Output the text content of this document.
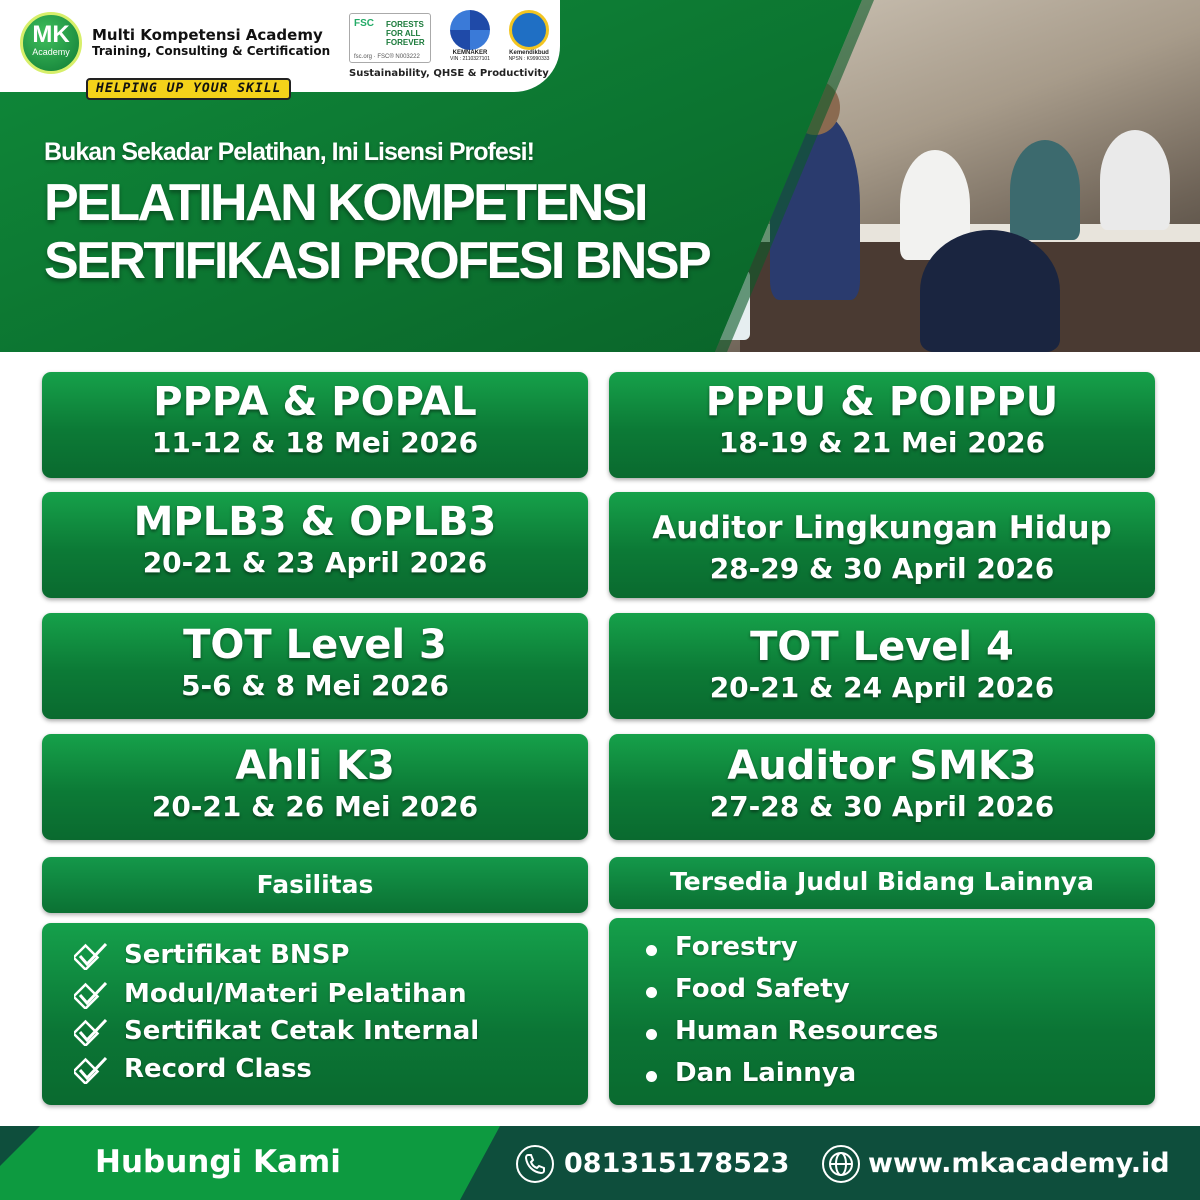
MK
Academy
Multi Kompetensi Academy
Training, Consulting & Certification
FSC FORESTS FOR ALL FOREVER
fsc.org · FSC® N003222
KEMNAKER
VIN : 2110327101
Kemendikbud
NPSN : K9990333
Sustainability, QHSE & Productivity
HELPING UP YOUR SKILL
Bukan Sekadar Pelatihan, Ini Lisensi Profesi!
PELATIHAN KOMPETENSI
SERTIFIKASI PROFESI BNSP
PPPA & POPAL
11-12 & 18 Mei 2026
PPPU & POIPPU
18-19 & 21 Mei 2026
MPLB3 & OPLB3
20-21 & 23 April 2026
Auditor Lingkungan Hidup
28-29 & 30 April 2026
TOT Level 3
5-6 & 8 Mei 2026
TOT Level 4
20-21 & 24 April 2026
Ahli K3
20-21 & 26 Mei 2026
Auditor SMK3
27-28 & 30 April 2026
Fasilitas
Sertifikat BNSP
Modul/Materi Pelatihan
Sertifikat Cetak Internal
Record Class
Tersedia Judul Bidang Lainnya
Forestry
Food Safety
Human Resources
Dan Lainnya
Hubungi Kami	081315178523	www.mkacademy.id
